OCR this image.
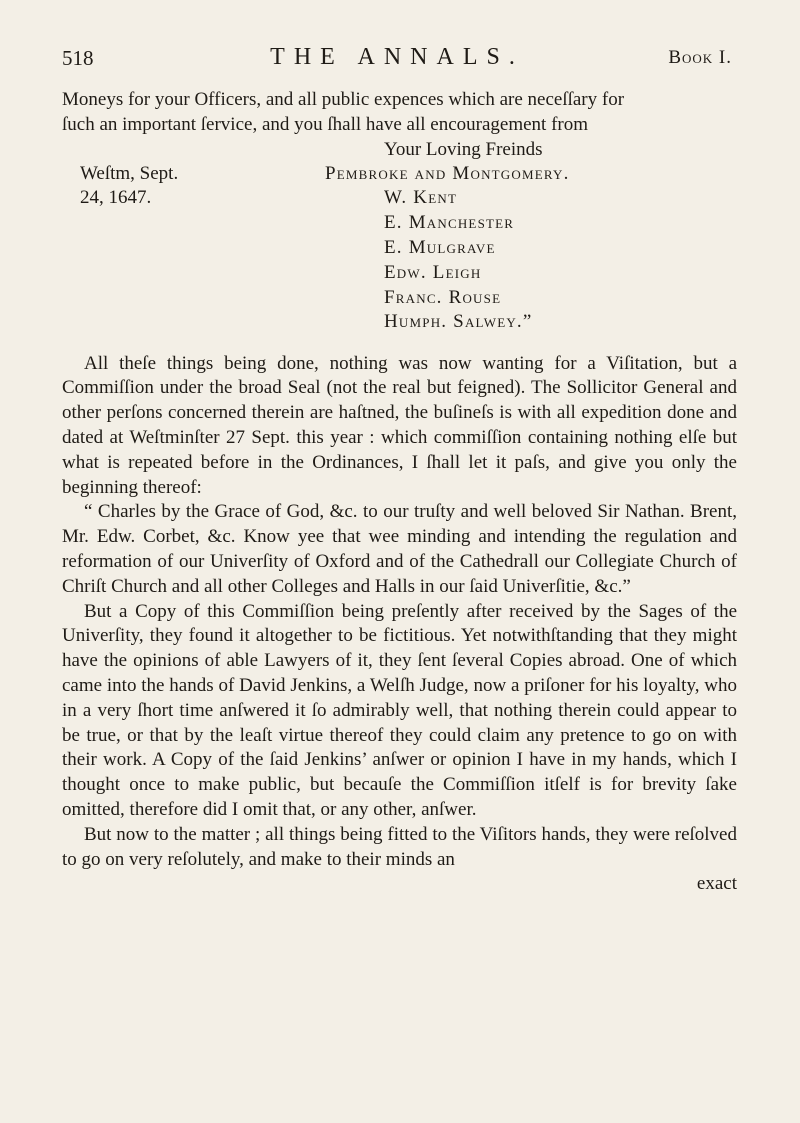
518	THE ANNALS.	Book I.

Moneys for your Officers, and all public expences which are neceſſary for

ſuch an important ſervice, and you ſhall have all encouragement from

Your Loving Freinds
Weſtm, Sept.
24, 1647.
Pembroke and Montgomery.
W. Kent
E. Manchester
E. Mulgrave
Edw. Leigh
Franc. Rouse
Humph. Salwey.”

All theſe things being done, nothing was now wanting for a Viſitation, but a Commiſſion under the broad Seal (not the real but feigned). The Sollicitor General and other perſons concerned therein are haſtned, the buſineſs is with all expedition done and dated at Weſtminſter 27 Sept. this year : which commiſſion containing nothing elſe but what is repeated before in the Ordinances, I ſhall let it paſs, and give you only the beginning thereof:

“ Charles by the Grace of God, &c. to our truſty and well beloved Sir Nathan. Brent, Mr. Edw. Corbet, &c. Know yee that wee minding and intending the regulation and reformation of our Univerſity of Oxford and of the Cathedrall our Collegiate Church of Chriſt Church and all other Colleges and Halls in our ſaid Univerſitie, &c.”

But a Copy of this Commiſſion being preſently after received by the Sages of the Univerſity, they found it altogether to be fictitious. Yet notwithſtanding that they might have the opinions of able Lawyers of it, they ſent ſeveral Copies abroad. One of which came into the hands of David Jenkins, a Welſh Judge, now a priſoner for his loyalty, who in a very ſhort time anſwered it ſo admirably well, that nothing therein could appear to be true, or that by the leaſt virtue thereof they could claim any pretence to go on with their work. A Copy of the ſaid Jenkins’ anſwer or opinion I have in my hands, which I thought once to make public, but becauſe the Commiſſion itſelf is for brevity ſake omitted, therefore did I omit that, or any other, anſwer.

But now to the matter ; all things being fitted to the Viſitors hands, they were reſolved to go on very reſolutely, and make to their minds an

exact
